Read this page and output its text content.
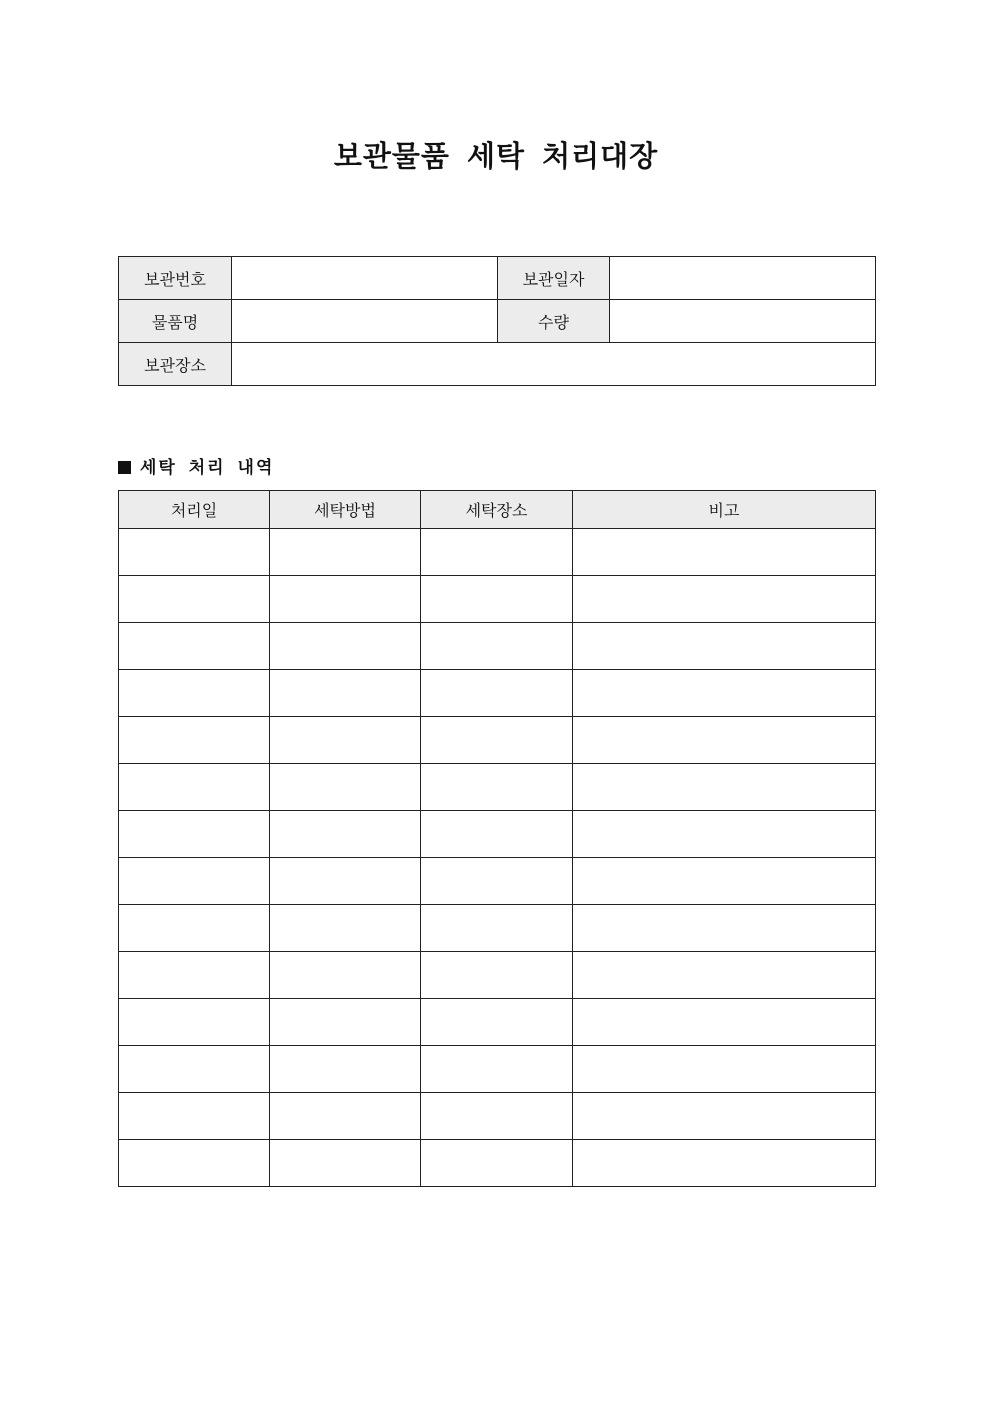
보관물품 세탁 처리대장
보관번호		보관일자	
물품명		수량	
보관장소			
세탁 처리 내역
처리일	세탁방법	세탁장소	비고
